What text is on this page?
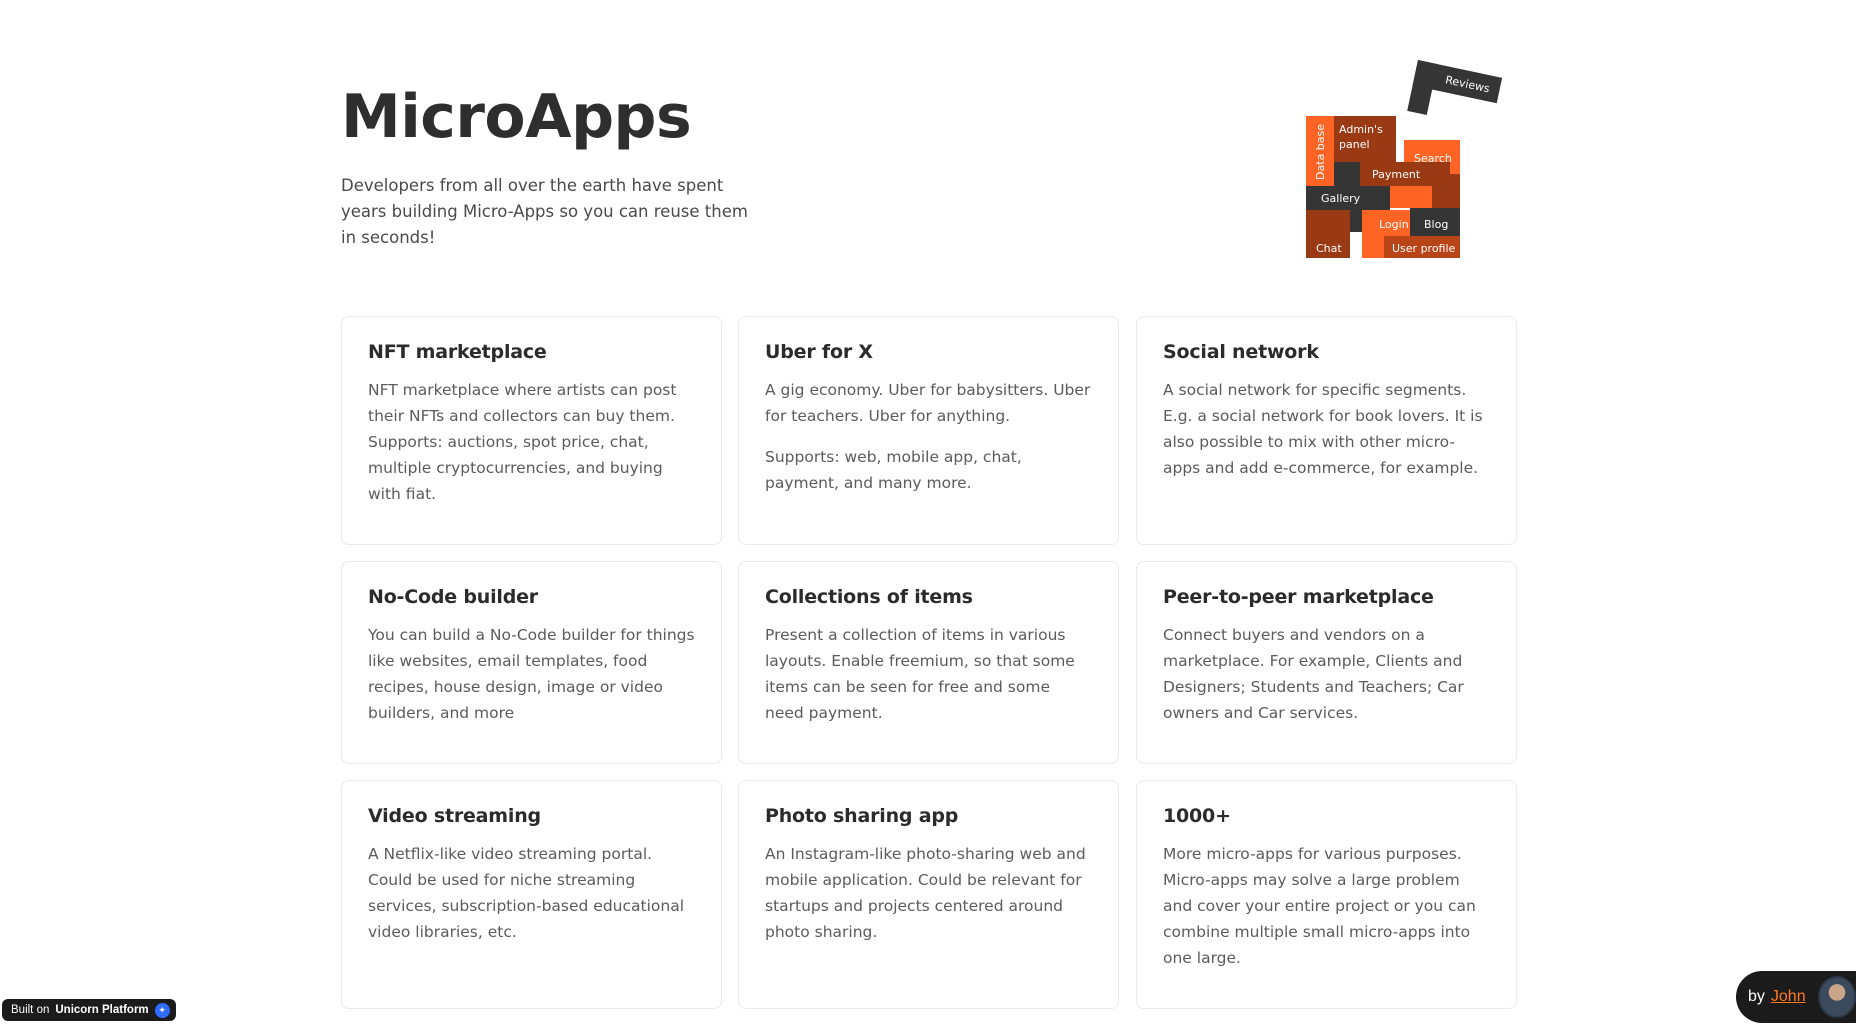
MicroApps

Developers from all over the earth have spent years building Micro-Apps so you can reuse them in seconds!

Reviews
Data base Admin's
panel
Search
Payment
Gallery
Login Blog
Chat	User profile
NFT marketplace
NFT marketplace where artists can post their NFTs and collectors can buy them. Supports: auctions, spot price, chat, multiple cryptocurrencies, and buying with fiat.
Uber for X
A gig economy. Uber for babysitters. Uber for teachers. Uber for anything.
Supports: web, mobile app, chat, payment, and many more.
Social network
A social network for specific segments. E.g. a social network for book lovers. It is also possible to mix with other micro-apps and add e-commerce, for example.
No-Code builder
You can build a No-Code builder for things like websites, email templates, food recipes, house design, image or video builders, and more
Collections of items
Present a collection of items in various layouts. Enable freemium, so that some items can be seen for free and some need payment.
Peer-to-peer marketplace
Connect buyers and vendors on a marketplace. For example, Clients and Designers; Students and Teachers; Car owners and Car services.
Video streaming
A Netflix-like video streaming portal. Could be used for niche streaming services, subscription-based educational video libraries, etc.
Photo sharing app
An Instagram-like photo-sharing web and mobile application. Could be relevant for startups and projects centered around photo sharing.
1000+
More micro-apps for various purposes. Micro-apps may solve a large problem and cover your entire project or you can combine multiple small micro-apps into one large.
Built on Unicorn Platform	✦
by John
